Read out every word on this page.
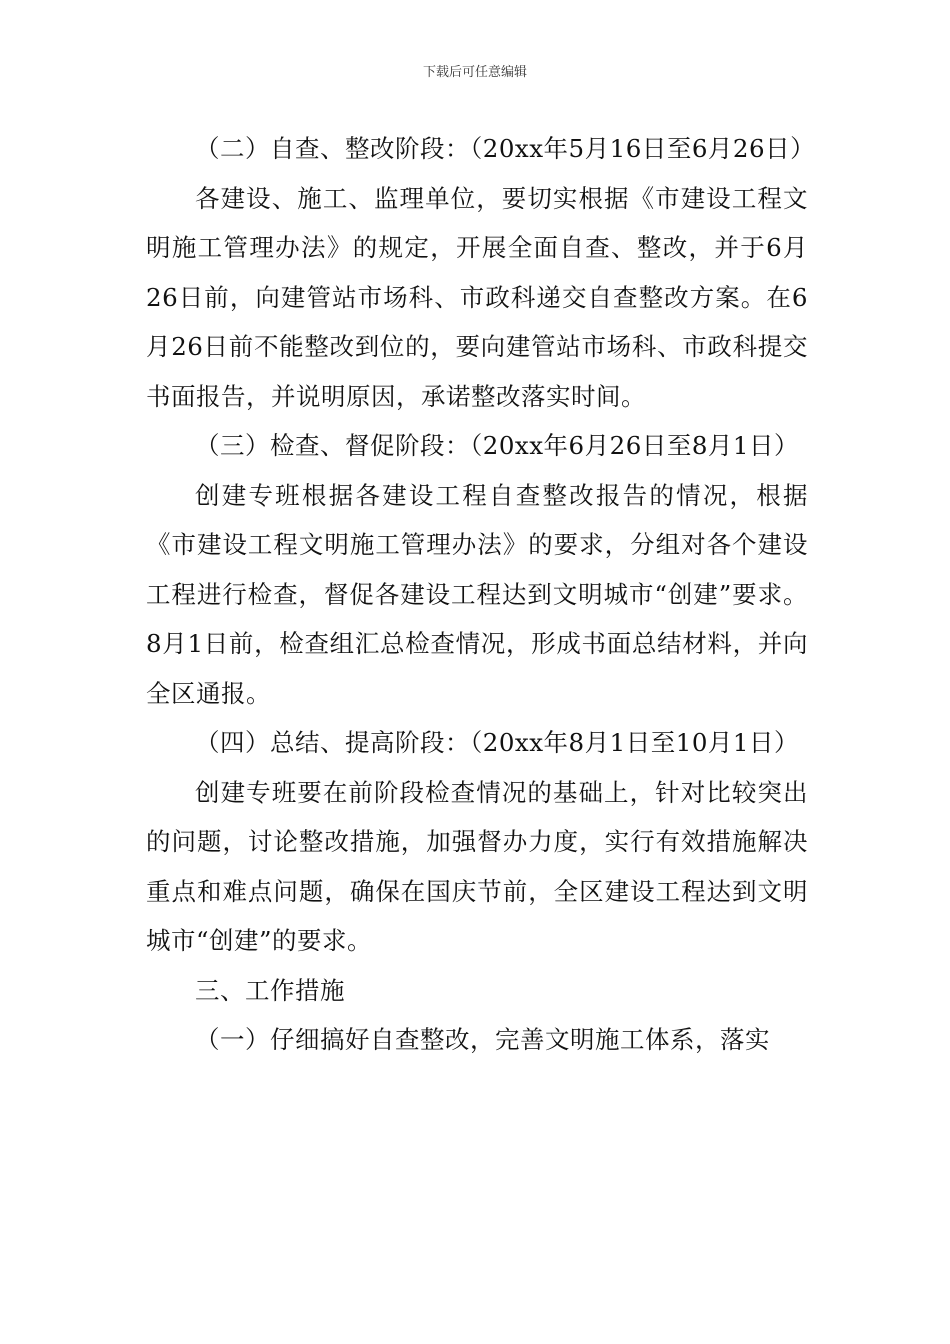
下载后可任意编辑

（二）自查、整改阶段：（20xx年5月16日至6月26日）

各建设、施工、监理单位，要切实根据《市建设工程文明施工管理办法》的规定，开展全面自查、整改，并于6月26日前，向建管站市场科、市政科递交自查整改方案。在6月26日前不能整改到位的，要向建管站市场科、市政科提交书面报告，并说明原因，承诺整改落实时间。

（三）检查、督促阶段：（20xx年6月26日至8月1日）

创建专班根据各建设工程自查整改报告的情况，根据《市建设工程文明施工管理办法》的要求，分组对各个建设工程进行检查，督促各建设工程达到文明城市“创建”要求。8月1日前，检查组汇总检查情况，形成书面总结材料，并向全区通报。

（四）总结、提高阶段：（20xx年8月1日至10月1日）

创建专班要在前阶段检查情况的基础上，针对比较突出的问题，讨论整改措施，加强督办力度，实行有效措施解决重点和难点问题，确保在国庆节前，全区建设工程达到文明城市“创建”的要求。

三、工作措施

（一）仔细搞好自查整改，完善文明施工体系，落实
